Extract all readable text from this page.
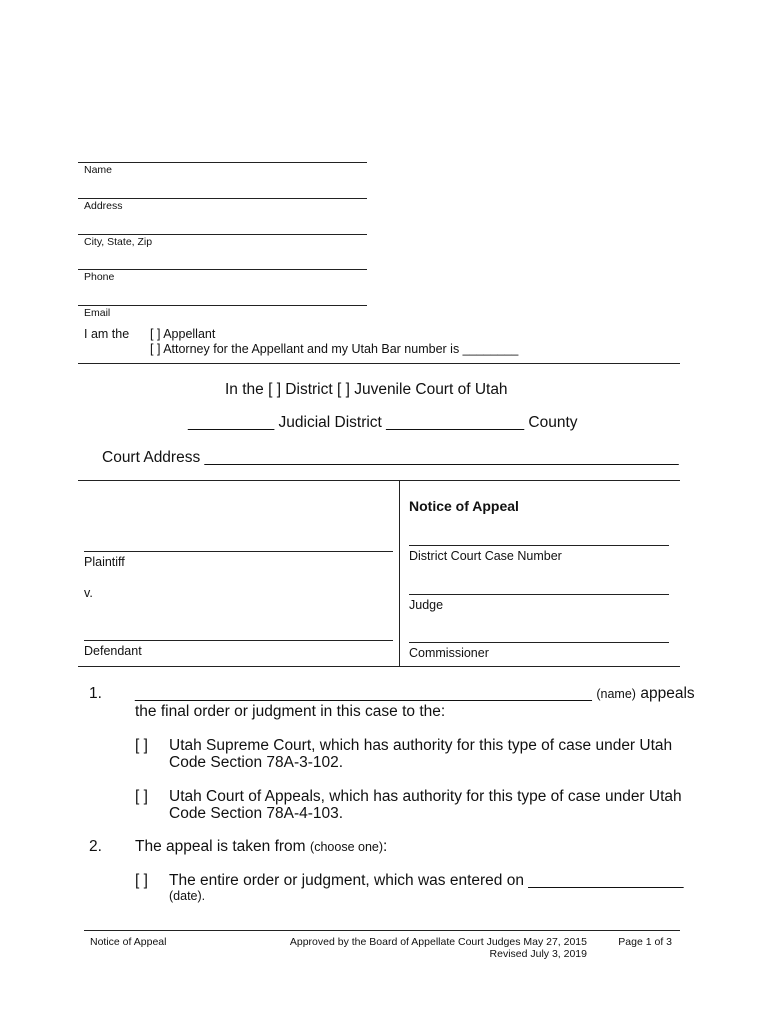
Name
Address
City, State, Zip
Phone
Email
I am the [ ] Appellant
[ ] Attorney for the Appellant and my Utah Bar number is ________
In the [ ] District [ ] Juvenile Court of Utah
__________ Judicial District ________________ County
Court Address _______________________________________________________
Plaintiff
v.
Defendant
Notice of Appeal
District Court Case Number
Judge
Commissioner
1. _____________________________________________________ (name) appeals
the final order or judgment in this case to the:
[ ] Utah Supreme Court, which has authority for this type of case under Utah
Code Section 78A-3-102.
[ ] Utah Court of Appeals, which has authority for this type of case under Utah
Code Section 78A-4-103.
2. The appeal is taken from (choose one):
[ ] The entire order or judgment, which was entered on __________________
(date).
Notice of Appeal	Approved by the Board of Appellate Court Judges May 27, 2015
Revised July 3, 2019
Page 1 of 3
